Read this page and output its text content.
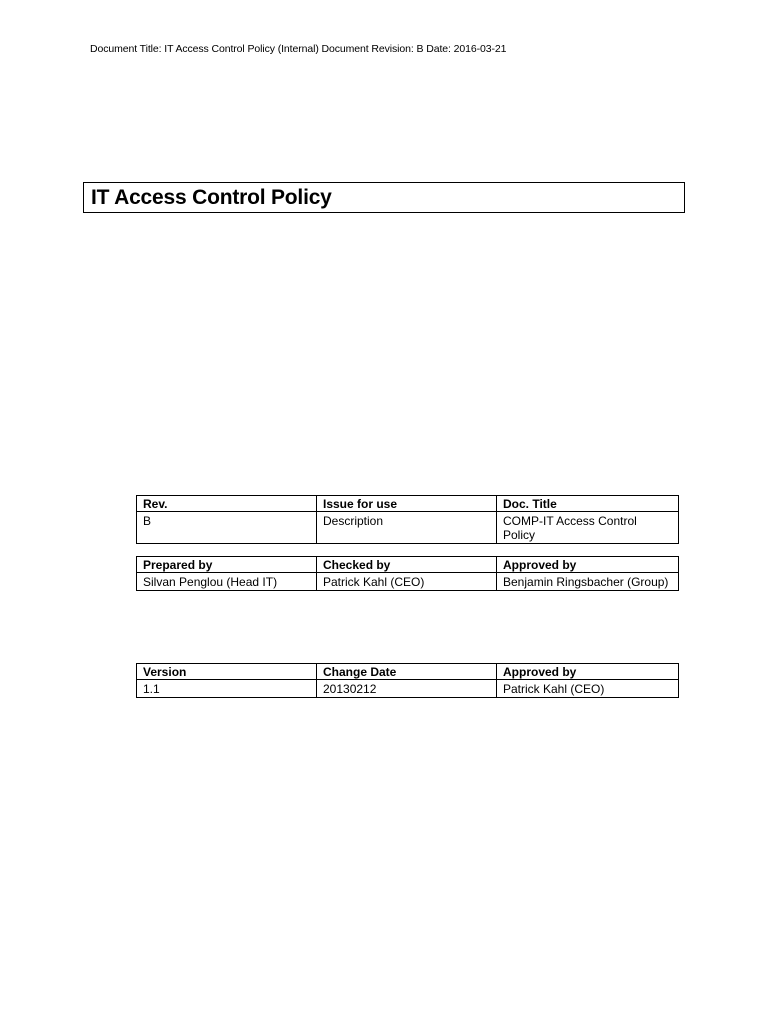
Document Title: IT Access Control Policy (Internal) Document Revision: B Date: 2016-03-21
IT Access Control Policy
Rev.	Issue for use	Doc. Title
B	Description	COMP-IT Access Control Policy
Prepared by	Checked by	Approved by
Silvan Penglou (Head IT)	Patrick Kahl (CEO)	Benjamin Ringsbacher (Group)
Version	Change Date	Approved by
1.1	20130212	Patrick Kahl (CEO)
